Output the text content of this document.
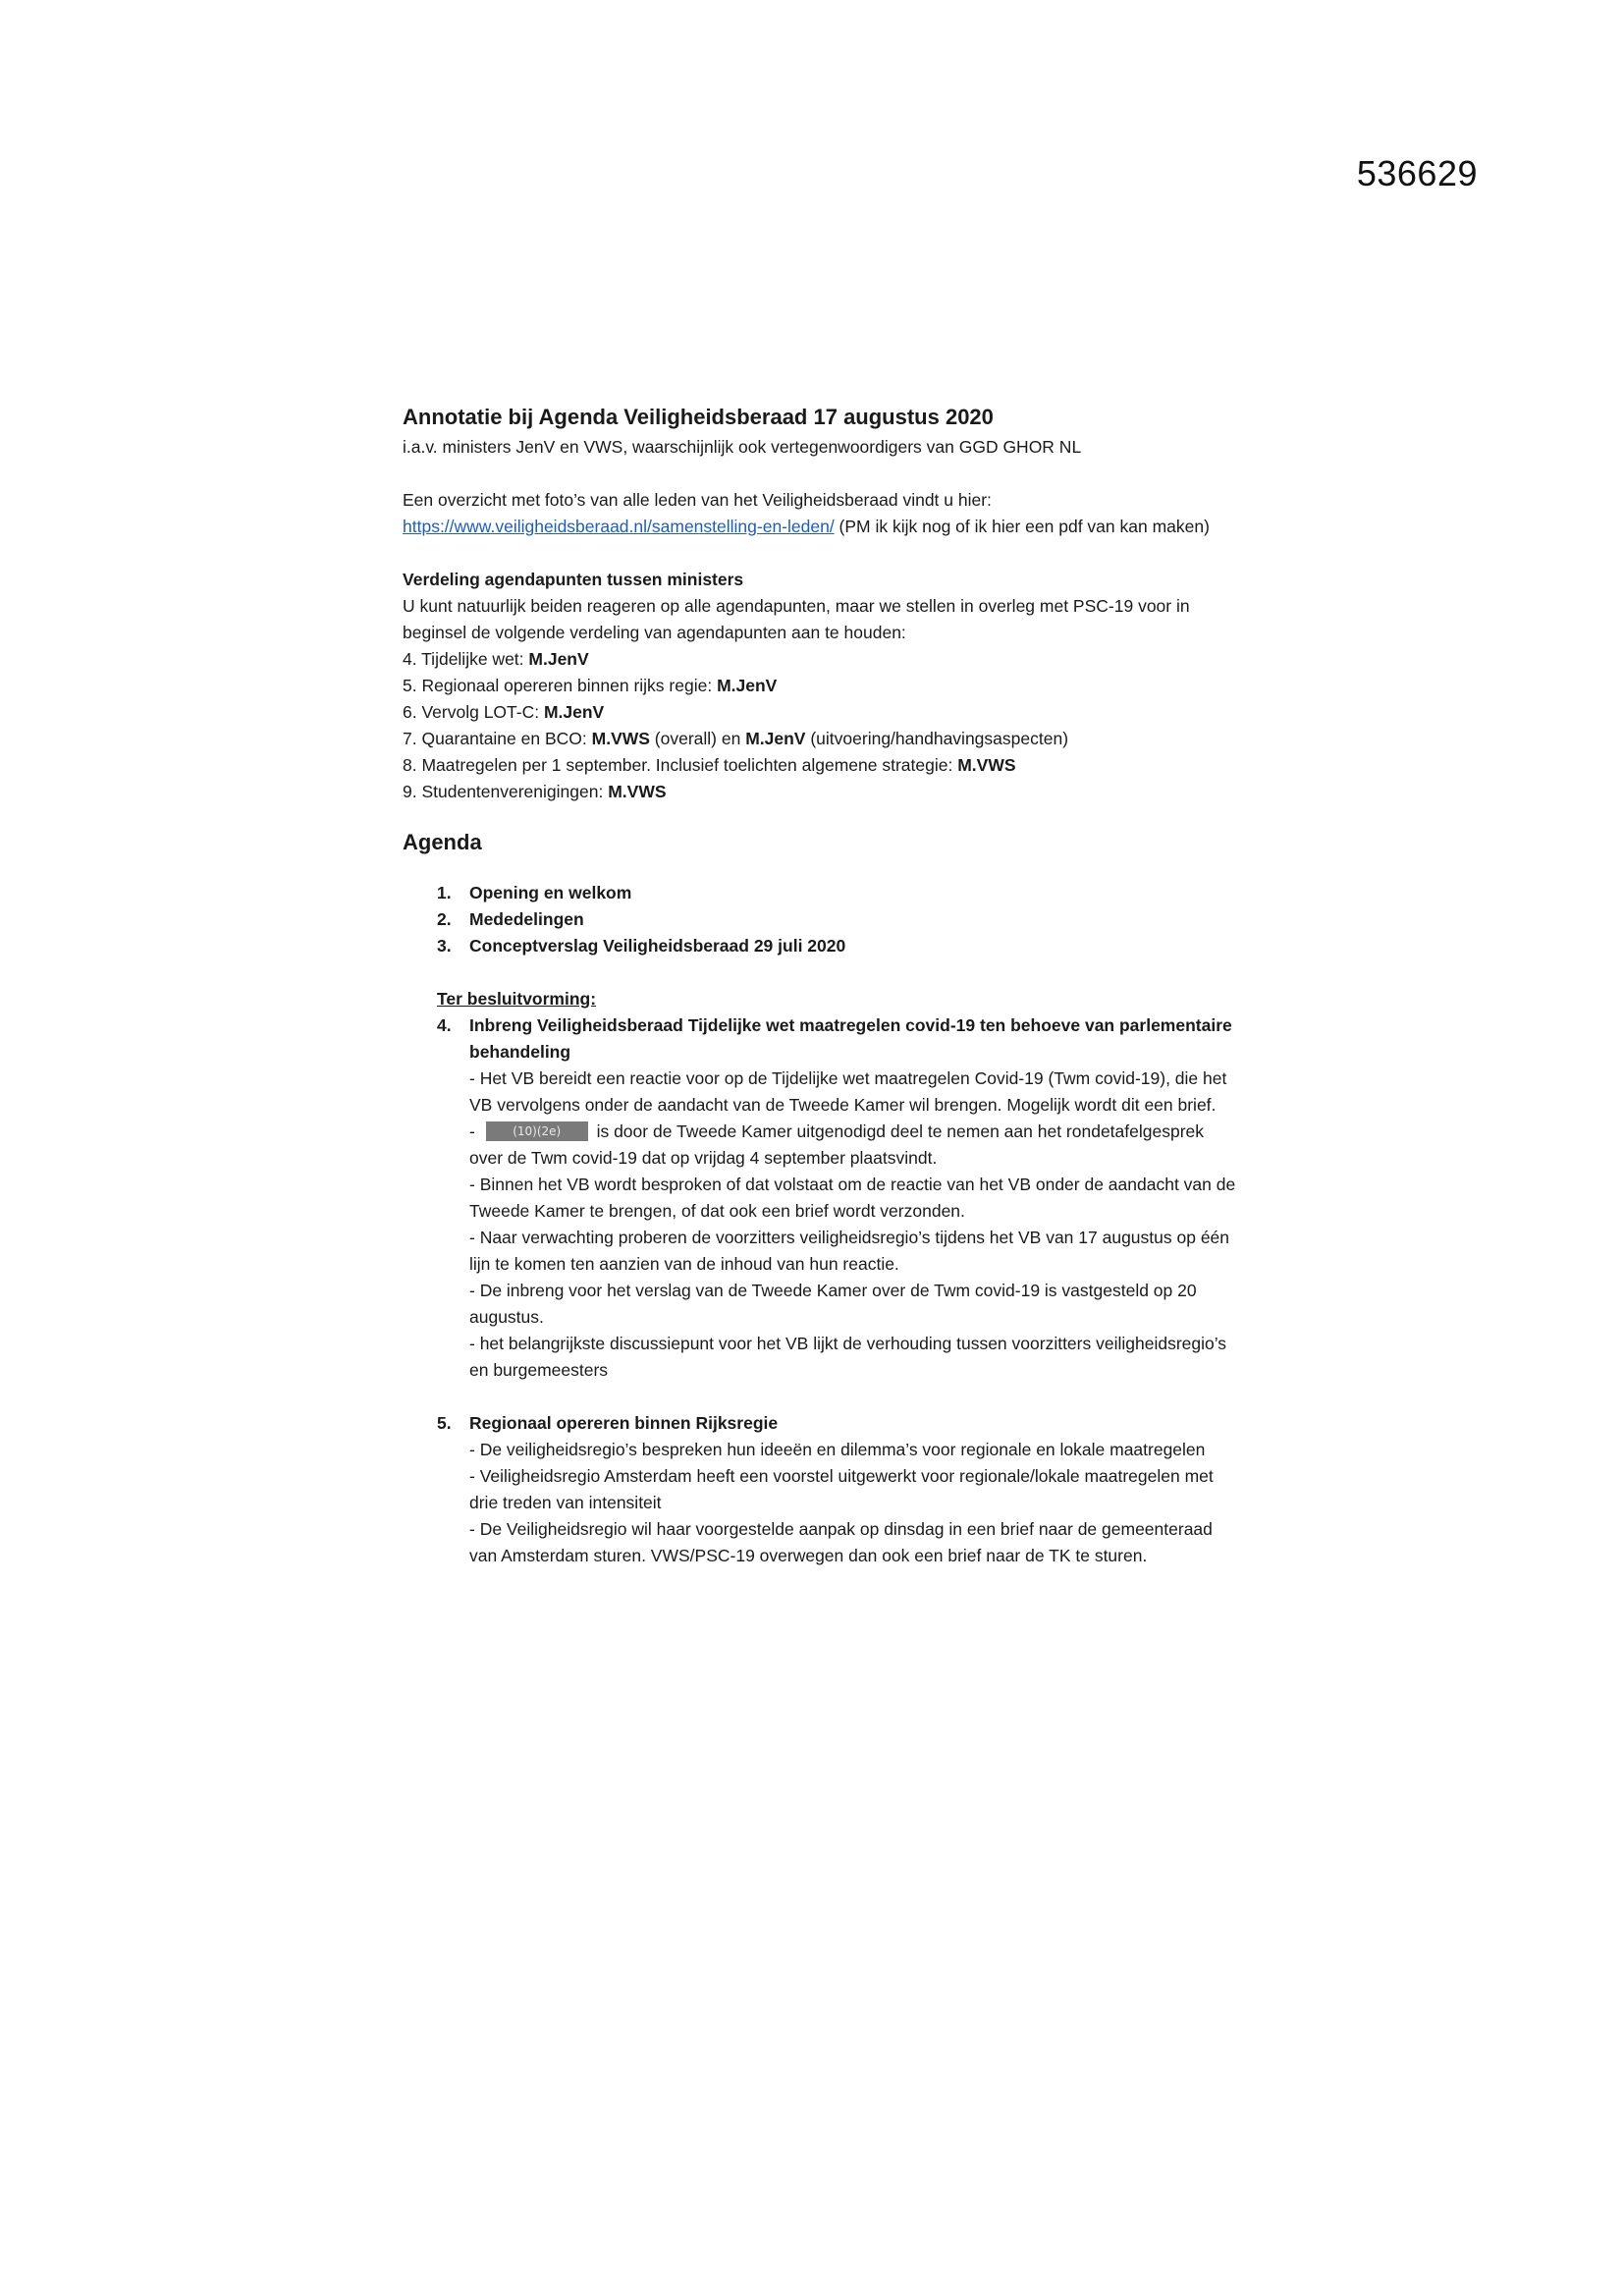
536629
Annotatie bij Agenda Veiligheidsberaad 17 augustus 2020

i.a.v. ministers JenV en VWS, waarschijnlijk ook vertegenwoordigers van GGD GHOR NL

Een overzicht met foto’s van alle leden van het Veiligheidsberaad vindt u hier:

https://www.veiligheidsberaad.nl/samenstelling-en-leden/ (PM ik kijk nog of ik hier een pdf van kan maken)

Verdeling agendapunten tussen ministers

U kunt natuurlijk beiden reageren op alle agendapunten, maar we stellen in overleg met PSC-19 voor in beginsel de volgende verdeling van agendapunten aan te houden:

4. Tijdelijke wet: M.JenV

5. Regionaal opereren binnen rijks regie: M.JenV

6. Vervolg LOT-C: M.JenV

7. Quarantaine en BCO: M.VWS (overall) en M.JenV (uitvoering/handhavingsaspecten)

8. Maatregelen per 1 september. Inclusief toelichten algemene strategie: M.VWS

9. Studentenverenigingen: M.VWS

Agenda
1.	Opening en welkom
2.	Mededelingen
3.	Conceptverslag Veiligheidsberaad 29 juli 2020

Ter besluitvorming:

4.	Inbreng Veiligheidsberaad Tijdelijke wet maatregelen covid-19 ten behoeve van parlementaire behandeling

- Het VB bereidt een reactie voor op de Tijdelijke wet maatregelen Covid-19 (Twm covid-19), die het VB vervolgens onder de aandacht van de Tweede Kamer wil brengen. Mogelijk wordt dit een brief.

-	(10)(2e) is door de Tweede Kamer uitgenodigd deel te nemen aan het rondetafelgesprek over de Twm covid-19 dat op vrijdag 4 september plaatsvindt.

- Binnen het VB wordt besproken of dat volstaat om de reactie van het VB onder de aandacht van de Tweede Kamer te brengen, of dat ook een brief wordt verzonden.

- Naar verwachting proberen de voorzitters veiligheidsregio’s tijdens het VB van 17 augustus op één lijn te komen ten aanzien van de inhoud van hun reactie.

- De inbreng voor het verslag van de Tweede Kamer over de Twm covid-19 is vastgesteld op 20 augustus.

- het belangrijkste discussiepunt voor het VB lijkt de verhouding tussen voorzitters veiligheidsregio’s en burgemeesters

5.	Regionaal opereren binnen Rijksregie

- De veiligheidsregio’s bespreken hun ideeën en dilemma’s voor regionale en lokale maatregelen

- Veiligheidsregio Amsterdam heeft een voorstel uitgewerkt voor regionale/lokale maatregelen met drie treden van intensiteit

- De Veiligheidsregio wil haar voorgestelde aanpak op dinsdag in een brief naar de gemeenteraad van Amsterdam sturen. VWS/PSC-19 overwegen dan ook een brief naar de TK te sturen.
